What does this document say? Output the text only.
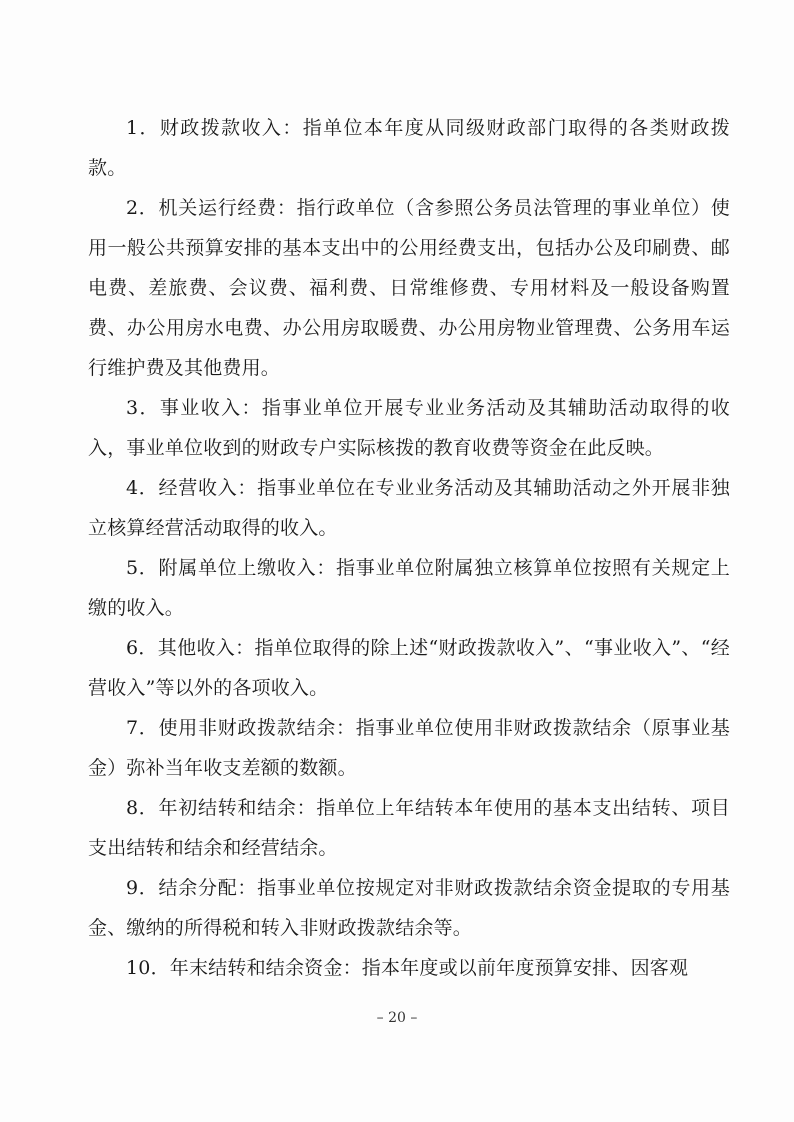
1．财政拨款收入：指单位本年度从同级财政部门取得的各类财政拨款。

2．机关运行经费：指行政单位（含参照公务员法管理的事业单位）使用一般公共预算安排的基本支出中的公用经费支出，包括办公及印刷费、邮电费、差旅费、会议费、福利费、日常维修费、专用材料及一般设备购置费、办公用房水电费、办公用房取暖费、办公用房物业管理费、公务用车运行维护费及其他费用。

3．事业收入：指事业单位开展专业业务活动及其辅助活动取得的收入，事业单位收到的财政专户实际核拨的教育收费等资金在此反映。

4．经营收入：指事业单位在专业业务活动及其辅助活动之外开展非独立核算经营活动取得的收入。

5．附属单位上缴收入：指事业单位附属独立核算单位按照有关规定上缴的收入。

6．其他收入：指单位取得的除上述“财政拨款收入”、“事业收入”、“经营收入”等以外的各项收入。

7．使用非财政拨款结余：指事业单位使用非财政拨款结余（原事业基金）弥补当年收支差额的数额。

8．年初结转和结余：指单位上年结转本年使用的基本支出结转、项目支出结转和结余和经营结余。

9．结余分配：指事业单位按规定对非财政拨款结余资金提取的专用基金、缴纳的所得税和转入非财政拨款结余等。

10．年末结转和结余资金：指本年度或以前年度预算安排、因客观

– 20 –
